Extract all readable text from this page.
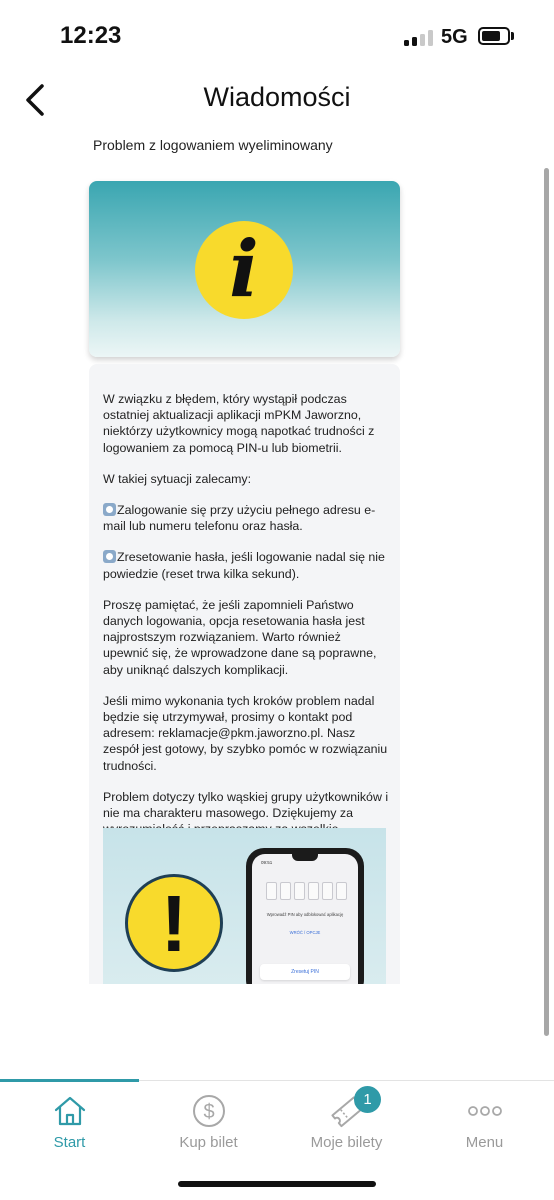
12:23	5G
Wiadomości
Problem z logowaniem wyeliminowany
i

W związku z błędem, który wystąpił podczas ostatniej aktualizacji aplikacji mPKM Jaworzno, niektórzy użytkownicy mogą napotkać trudności z logowaniem za pomocą PIN-u lub biometrii.

W takiej sytuacji zalecamy:

Zalogowanie się przy użyciu pełnego adresu e-mail lub numeru telefonu oraz hasła.

Zresetowanie hasła, jeśli logowanie nadal się nie powiedzie (reset trwa kilka sekund).

Proszę pamiętać, że jeśli zapomnieli Państwo danych logowania, opcja resetowania hasła jest najprostszym rozwiązaniem. Warto również upewnić się, że wprowadzone dane są poprawne, aby uniknąć dalszych komplikacji.

Jeśli mimo wykonania tych kroków problem nadal będzie się utrzymywał, prosimy o kontakt pod adresem: reklamacje@pkm.jaworzno.pl. Nasz zespół jest gotowy, by szybko pomóc w rozwiązaniu trudności.

Problem dotyczy tylko wąskiej grupy użytkowników i nie ma charakteru masowego. Dziękujemy za

!
09:51
Wprowadź PIN aby odblokować aplikację
WRÓĆ / OPCJE
Zresetuj PIN
Start
$
Kup bilet	Moje bilety	Menu
1
